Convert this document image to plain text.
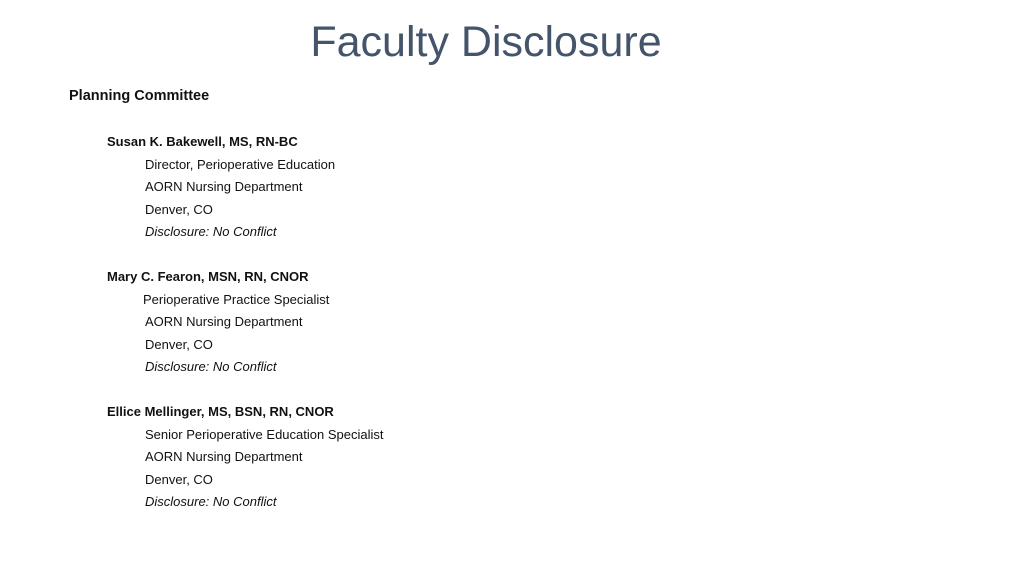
Faculty Disclosure
Planning Committee
Susan K. Bakewell, MS, RN-BC
Director, Perioperative Education
AORN Nursing Department
Denver, CO
Disclosure: No Conflict
Mary C. Fearon, MSN, RN, CNOR
Perioperative Practice Specialist
AORN Nursing Department
Denver, CO
Disclosure: No Conflict
Ellice Mellinger, MS, BSN, RN, CNOR
Senior Perioperative Education Specialist
AORN Nursing Department
Denver, CO
Disclosure: No Conflict
